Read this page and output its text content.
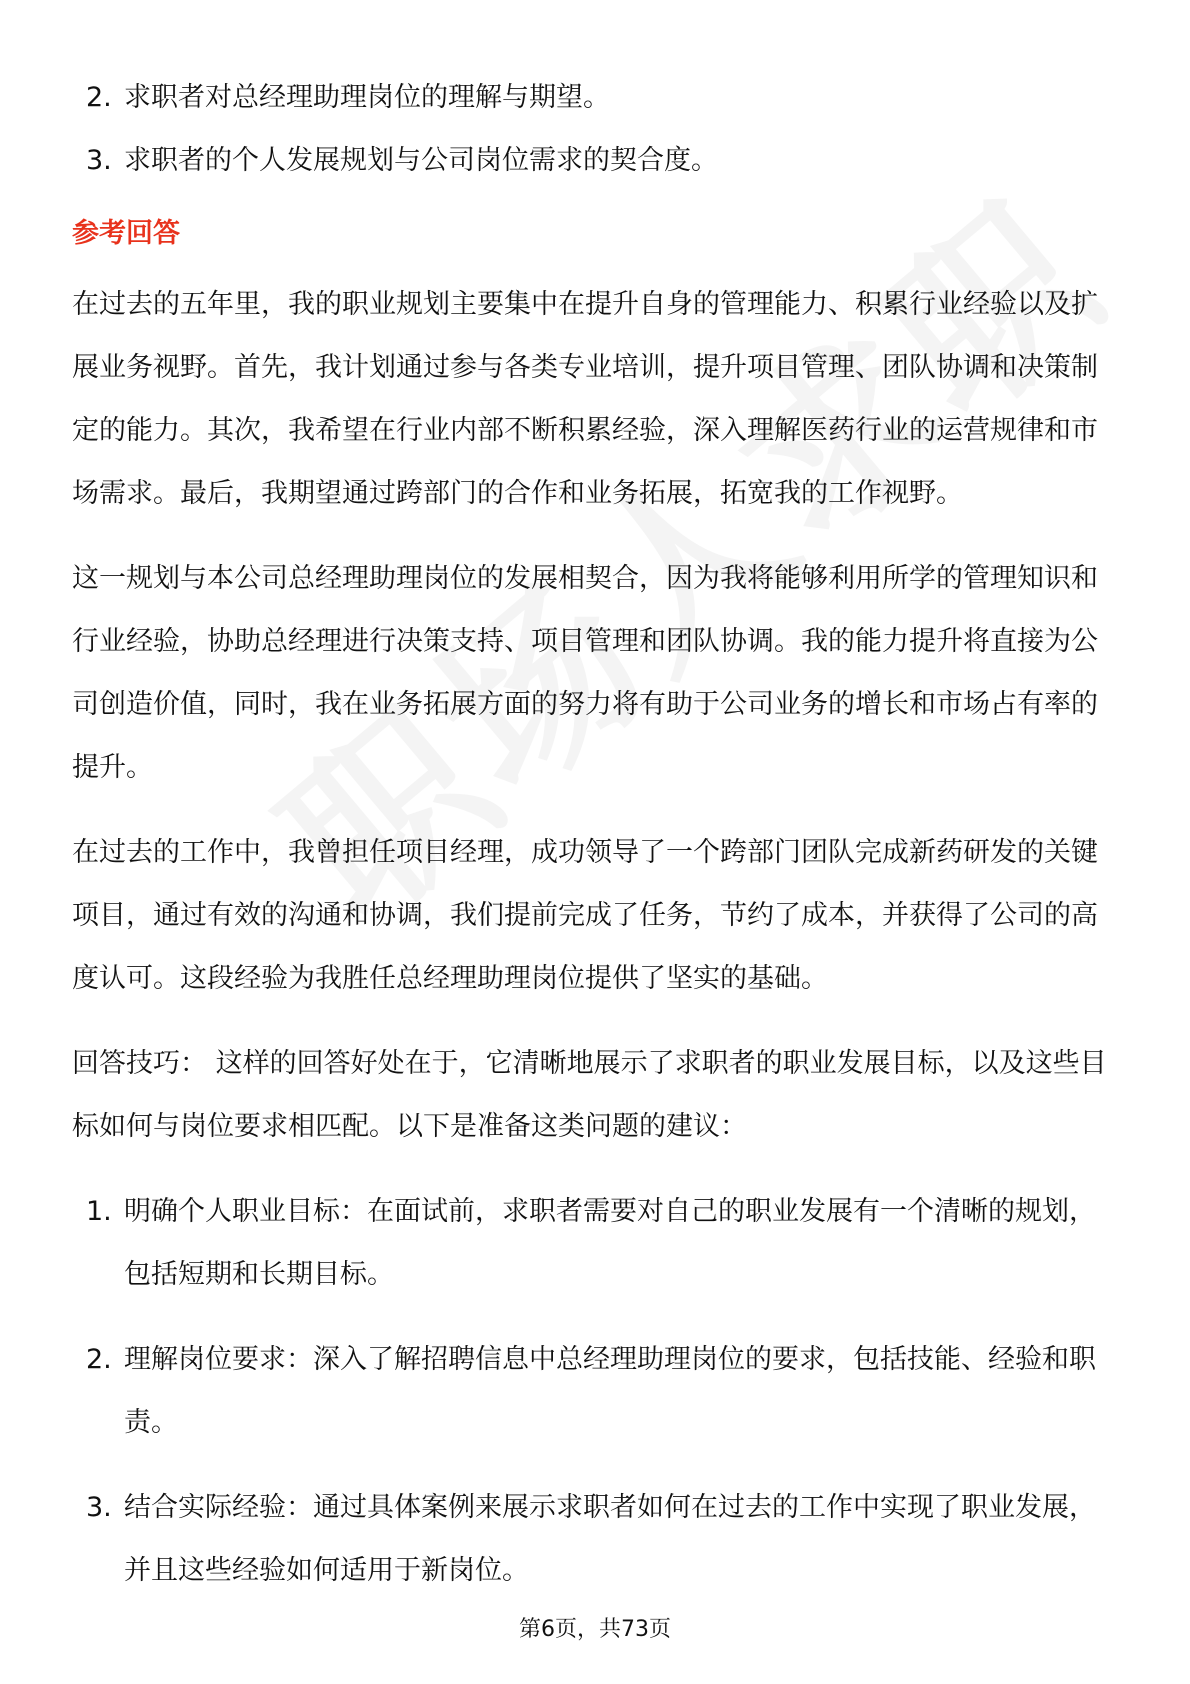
2. 求职者对总经理助理岗位的理解与期望。
3. 求职者的个人发展规划与公司岗位需求的契合度。
参考回答

在过去的五年里，我的职业规划主要集中在提升自身的管理能力、积累行业经验以及扩展业务视野。首先，我计划通过参与各类专业培训，提升项目管理、团队协调和决策制定的能力。其次，我希望在行业内部不断积累经验，深入理解医药行业的运营规律和市场需求。最后，我期望通过跨部门的合作和业务拓展，拓宽我的工作视野。

这一规划与本公司总经理助理岗位的发展相契合，因为我将能够利用所学的管理知识和行业经验，协助总经理进行决策支持、项目管理和团队协调。我的能力提升将直接为公司创造价值，同时，我在业务拓展方面的努力将有助于公司业务的增长和市场占有率的提升。

在过去的工作中，我曾担任项目经理，成功领导了一个跨部门团队完成新药研发的关键项目，通过有效的沟通和协调，我们提前完成了任务，节约了成本，并获得了公司的高度认可。这段经验为我胜任总经理助理岗位提供了坚实的基础。

回答技巧： 这样的回答好处在于，它清晰地展示了求职者的职业发展目标，以及这些目标如何与岗位要求相匹配。以下是准备这类问题的建议：

1. 明确个人职业目标：在面试前，求职者需要对自己的职业发展有一个清晰的规划，包括短期和长期目标。
2. 理解岗位要求：深入了解招聘信息中总经理助理岗位的要求，包括技能、经验和职责。
3. 结合实际经验：通过具体案例来展示求职者如何在过去的工作中实现了职业发展，并且这些经验如何适用于新岗位。
第6页，共73页
